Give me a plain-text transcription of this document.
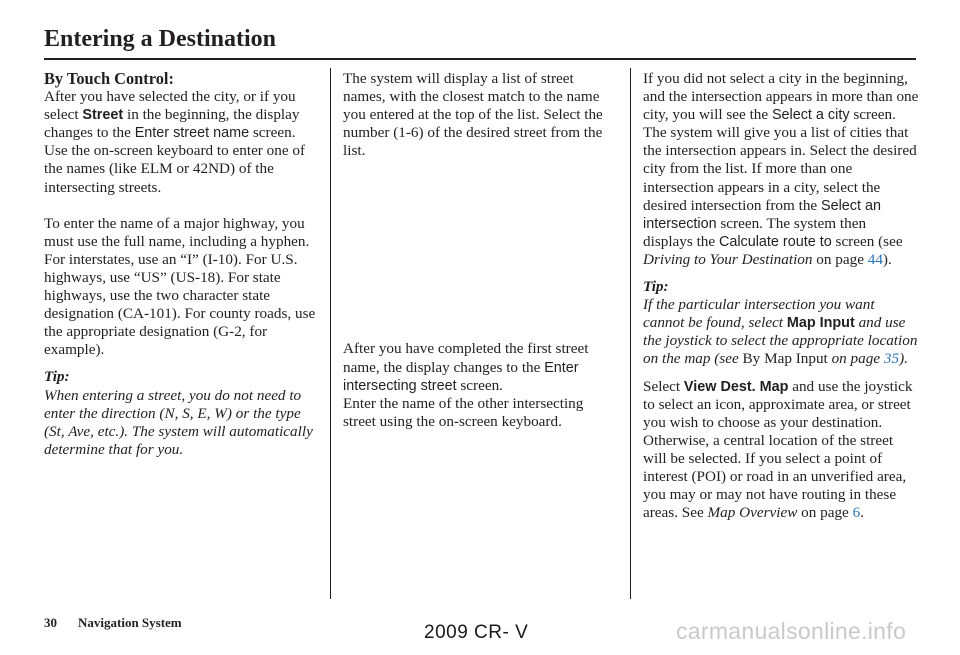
Entering a Destination
By Touch Control:

After you have selected the city, or if you select Street in the beginning, the display changes to the Enter street name screen. Use the on-screen keyboard to enter one of the names (like ELM or 42ND) of the intersecting streets.

To enter the name of a major highway, you must use the full name, including a hyphen. For interstates, use an “I” (I-10). For U.S. highways, use “US” (US-18). For state highways, use the two character state designation (CA-101). For county roads, use the appropriate designation (G-2, for example).

Tip:

When entering a street, you do not need to enter the direction (N, S, E, W) or the type (St, Ave, etc.). The system will automatically determine that for you.

The system will display a list of street names, with the closest match to the name you entered at the top of the list. Select the number (1-6) of the desired street from the list.

After you have completed the first street name, the display changes to the Enter intersecting street screen.

Enter the name of the other intersecting street using the on-screen keyboard.

If you did not select a city in the beginning, and the intersection appears in more than one city, you will see the Select a city screen. The system will give you a list of cities that the intersection appears in. Select the desired city from the list. If more than one intersection appears in a city, select the desired intersection from the Select an intersection screen. The system then displays the Calculate route to screen (see Driving to Your Destination on page 44).

Tip:

If the particular intersection you want cannot be found, select Map Input and use the joystick to select the appropriate location on the map (see By Map Input on page 35).

Select View Dest. Map and use the joystick to select an icon, approximate area, or street you wish to choose as your destination. Otherwise, a central location of the street will be selected. If you select a point of interest (POI) or road in an unverified area, you may or may not have routing in these areas. See Map Overview on page 6.

30 Navigation System	2009 CR- V	carmanualsonline.info
